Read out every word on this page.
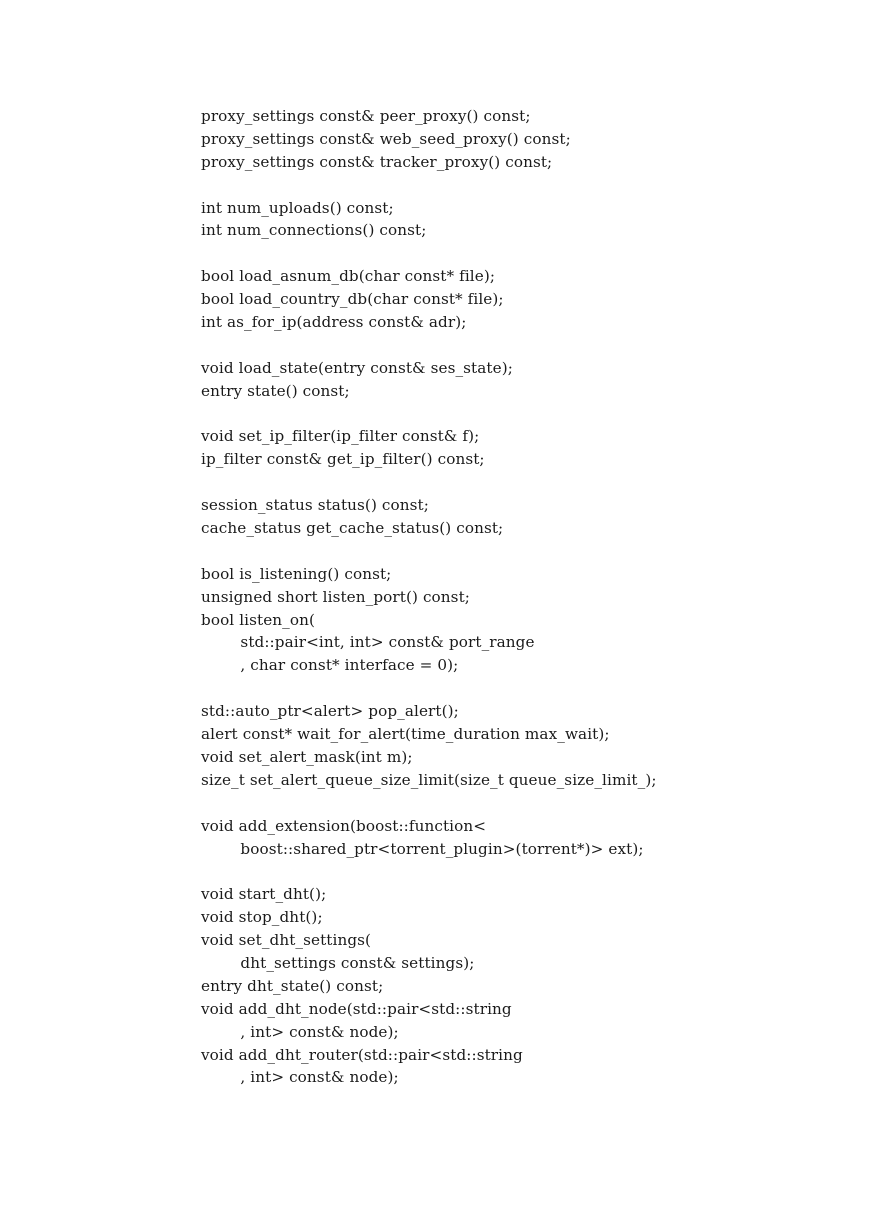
proxy_settings const& peer_proxy() const;
proxy_settings const& web_seed_proxy() const;
proxy_settings const& tracker_proxy() const;
int num_uploads() const;
int num_connections() const;
bool load_asnum_db(char const* file);
bool load_country_db(char const* file);
int as_for_ip(address const& adr);
void load_state(entry const& ses_state);
entry state() const;
void set_ip_filter(ip_filter const& f);
ip_filter const& get_ip_filter() const;
session_status status() const;
cache_status get_cache_status() const;
bool is_listening() const;
unsigned short listen_port() const;
bool listen_on(
std::pair<int, int> const& port_range
, char const* interface = 0);
std::auto_ptr<alert> pop_alert();
alert const* wait_for_alert(time_duration max_wait);
void set_alert_mask(int m);
size_t set_alert_queue_size_limit(size_t queue_size_limit_);
void add_extension(boost::function<
boost::shared_ptr<torrent_plugin>(torrent*)> ext);
void start_dht();
void stop_dht();
void set_dht_settings(
dht_settings const& settings);
entry dht_state() const;
void add_dht_node(std::pair<std::string
, int> const& node);
void add_dht_router(std::pair<std::string
, int> const& node);
